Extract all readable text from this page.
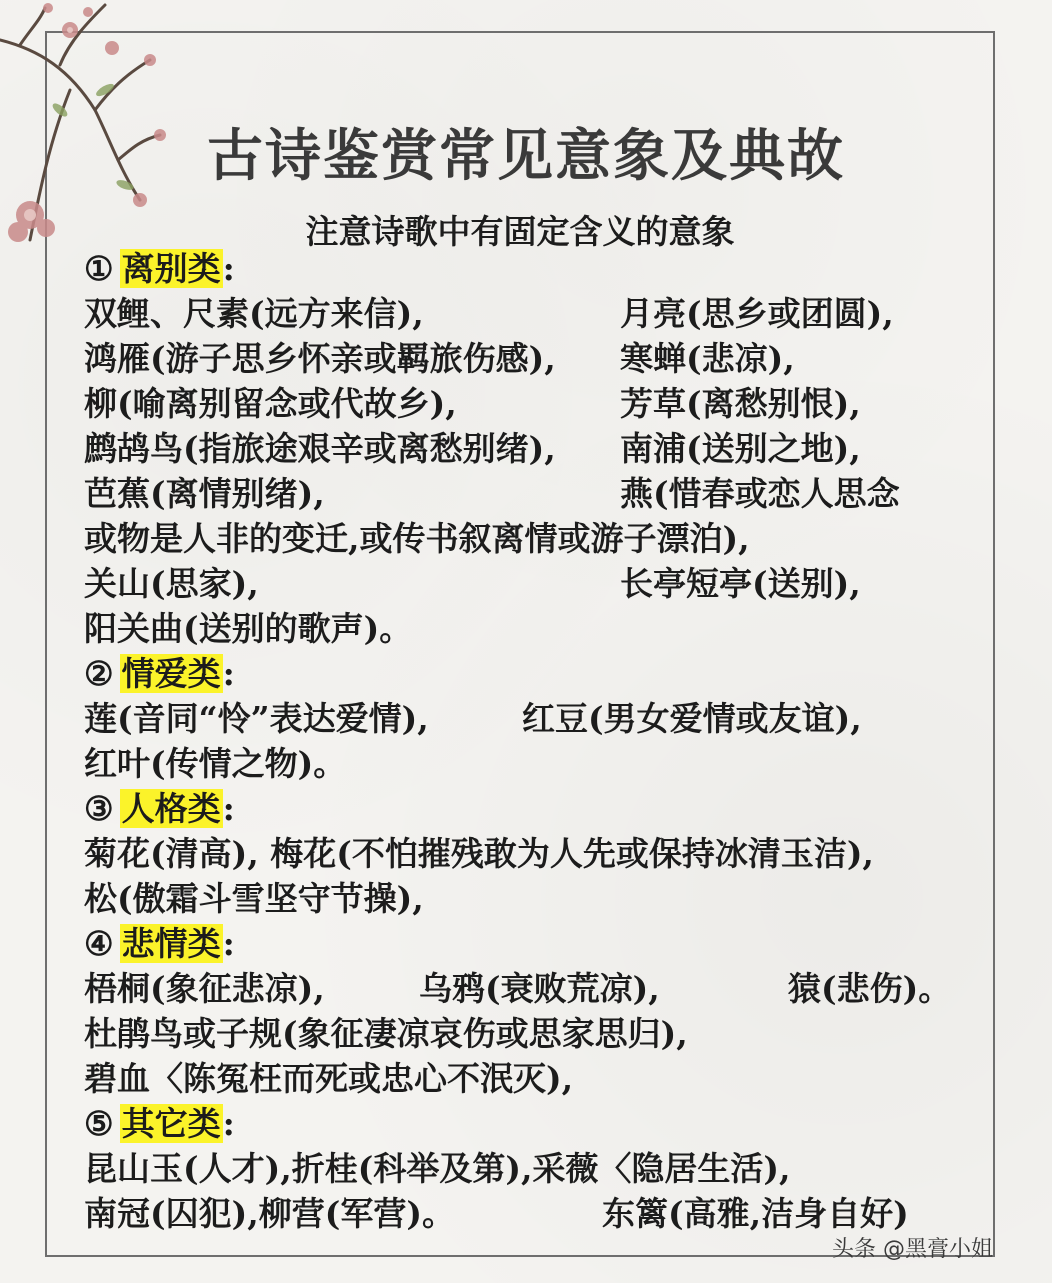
古诗鉴赏常见意象及典故
注意诗歌中有固定含义的意象
① 离别类:
双鲤、尺素(远方来信),	月亮(思乡或团圆),
鸿雁(游子思乡怀亲或羁旅伤感), 寒蝉(悲凉),
柳(喻离别留念或代故乡),	芳草(离愁别恨),
鹧鸪鸟(指旅途艰辛或离愁别绪), 南浦(送别之地),
芭蕉(离情别绪),	燕(惜春或恋人思念
或物是人非的变迁,或传书叙离情或游子漂泊),
关山(思家),	长亭短亭(送别),
阳关曲(送别的歌声)。
② 情爱类:
莲(音同“怜”表达爱情),	红豆(男女爱情或友谊),
红叶(传情之物)。
③ 人格类:
菊花(清高), 梅花(不怕摧残敢为人先或保持冰清玉洁),
松(傲霜斗雪坚守节操),
④ 悲情类:
梧桐(象征悲凉),	乌鸦(衰败荒凉),	猿(悲伤)。
杜鹃鸟或子规(象征凄凉哀伤或思家思归),
碧血〈陈冤枉而死或忠心不泯灭),
⑤ 其它类:
昆山玉(人才),折桂(科举及第),采薇〈隐居生活),
南冠(囚犯),柳营(军营)。	东篱(高雅,洁身自好)
头条 @黑膏小姐
